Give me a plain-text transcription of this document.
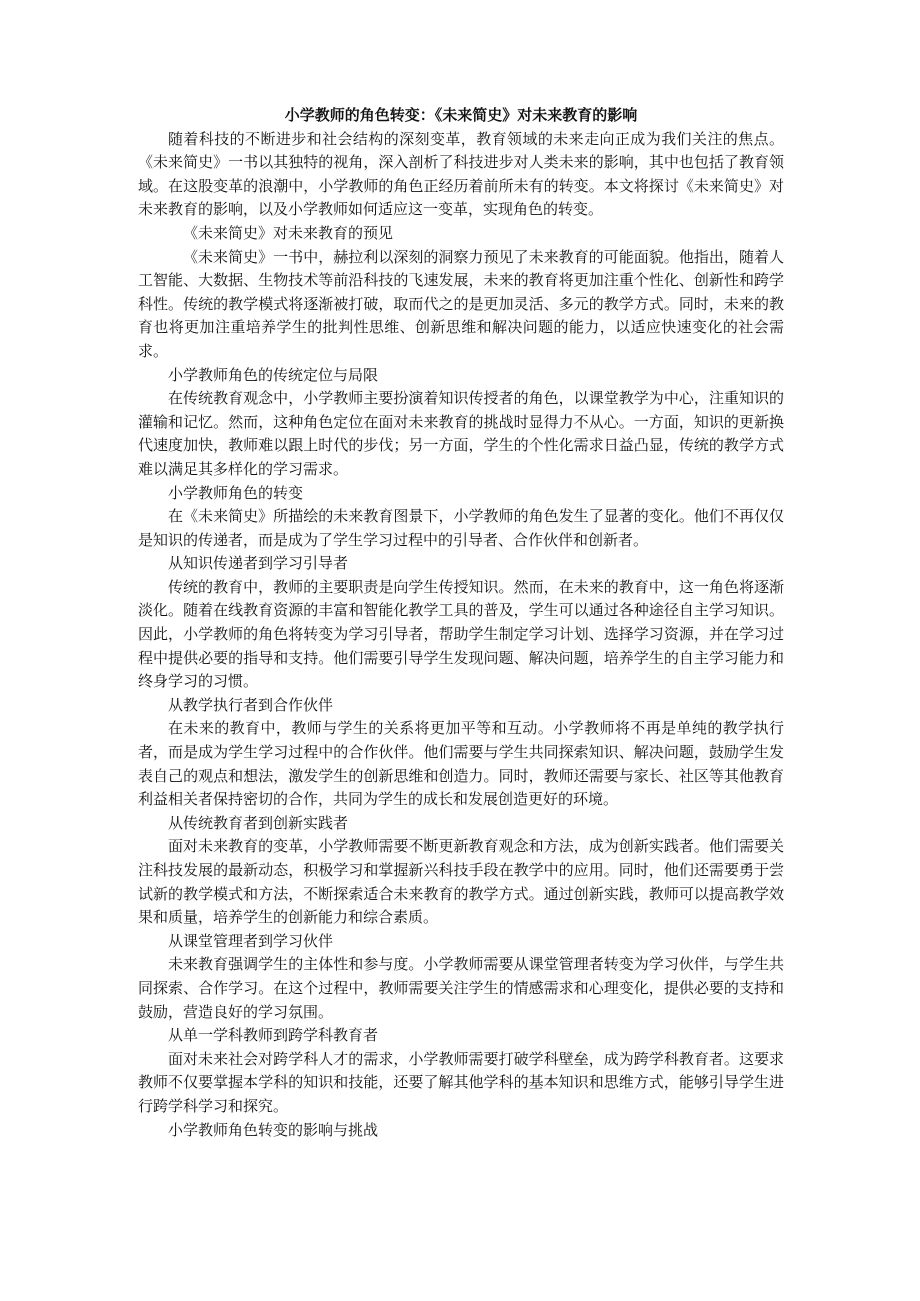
小学教师的角色转变：《未来简史》对未来教育的影响

随着科技的不断进步和社会结构的深刻变革，教育领域的未来走向正成为我们关注的焦点。《未来简史》一书以其独特的视角，深入剖析了科技进步对人类未来的影响，其中也包括了教育领域。在这股变革的浪潮中，小学教师的角色正经历着前所未有的转变。本文将探讨《未来简史》对未来教育的影响，以及小学教师如何适应这一变革，实现角色的转变。

《未来简史》对未来教育的预见

《未来简史》一书中，赫拉利以深刻的洞察力预见了未来教育的可能面貌。他指出，随着人工智能、大数据、生物技术等前沿科技的飞速发展，未来的教育将更加注重个性化、创新性和跨学科性。传统的教学模式将逐渐被打破，取而代之的是更加灵活、多元的教学方式。同时，未来的教育也将更加注重培养学生的批判性思维、创新思维和解决问题的能力，以适应快速变化的社会需求。

小学教师角色的传统定位与局限

在传统教育观念中，小学教师主要扮演着知识传授者的角色，以课堂教学为中心，注重知识的灌输和记忆。然而，这种角色定位在面对未来教育的挑战时显得力不从心。一方面，知识的更新换代速度加快，教师难以跟上时代的步伐；另一方面，学生的个性化需求日益凸显，传统的教学方式难以满足其多样化的学习需求。

小学教师角色的转变

在《未来简史》所描绘的未来教育图景下，小学教师的角色发生了显著的变化。他们不再仅仅是知识的传递者，而是成为了学生学习过程中的引导者、合作伙伴和创新者。

从知识传递者到学习引导者

传统的教育中，教师的主要职责是向学生传授知识。然而，在未来的教育中，这一角色将逐渐淡化。随着在线教育资源的丰富和智能化教学工具的普及，学生可以通过各种途径自主学习知识。因此，小学教师的角色将转变为学习引导者，帮助学生制定学习计划、选择学习资源，并在学习过程中提供必要的指导和支持。他们需要引导学生发现问题、解决问题，培养学生的自主学习能力和终身学习的习惯。

从教学执行者到合作伙伴

在未来的教育中，教师与学生的关系将更加平等和互动。小学教师将不再是单纯的教学执行者，而是成为学生学习过程中的合作伙伴。他们需要与学生共同探索知识、解决问题，鼓励学生发表自己的观点和想法，激发学生的创新思维和创造力。同时，教师还需要与家长、社区等其他教育利益相关者保持密切的合作，共同为学生的成长和发展创造更好的环境。

从传统教育者到创新实践者

面对未来教育的变革，小学教师需要不断更新教育观念和方法，成为创新实践者。他们需要关注科技发展的最新动态，积极学习和掌握新兴科技手段在教学中的应用。同时，他们还需要勇于尝试新的教学模式和方法，不断探索适合未来教育的教学方式。通过创新实践，教师可以提高教学效果和质量，培养学生的创新能力和综合素质。

从课堂管理者到学习伙伴

未来教育强调学生的主体性和参与度。小学教师需要从课堂管理者转变为学习伙伴，与学生共同探索、合作学习。在这个过程中，教师需要关注学生的情感需求和心理变化，提供必要的支持和鼓励，营造良好的学习氛围。

从单一学科教师到跨学科教育者

面对未来社会对跨学科人才的需求，小学教师需要打破学科壁垒，成为跨学科教育者。这要求教师不仅要掌握本学科的知识和技能，还要了解其他学科的基本知识和思维方式，能够引导学生进行跨学科学习和探究。

小学教师角色转变的影响与挑战
